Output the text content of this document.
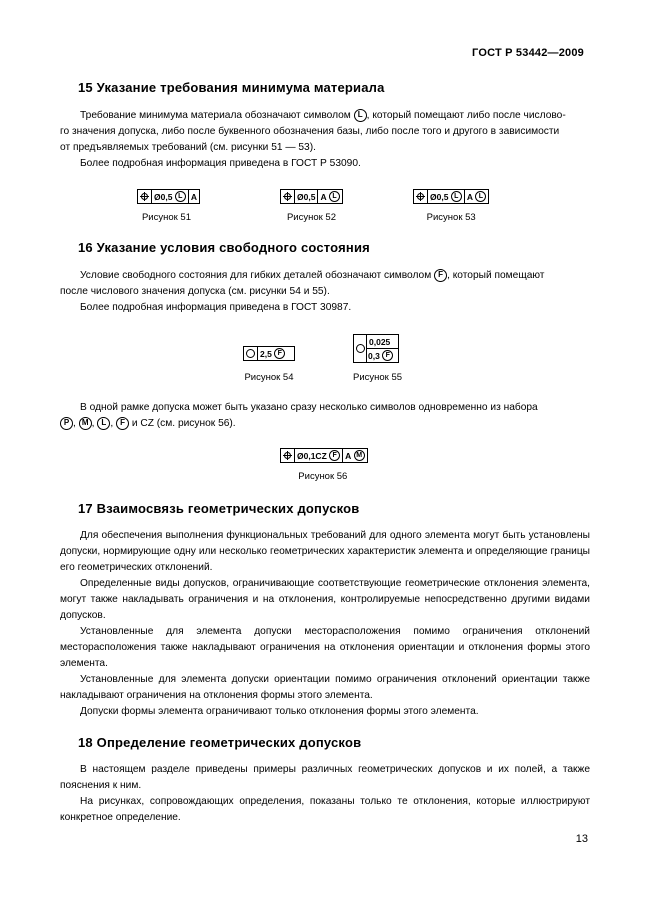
ГОСТ Р 53442—2009
15 Указание требования минимума материала
Требование минимума материала обозначают символом L , который помещают либо после числово-
го значения допуска, либо после буквенного обозначения базы, либо после того и другого в зависимости
от предъявляемых требований (см. рисунки 51 — 53).
Более подробная информация приведена в ГОСТ Р 53090.
Ø0,5
L A
Рисунок 51
Ø0,5 A
L
Рисунок 52
Ø0,5
L A
L
Рисунок 53
16 Указание условия свободного состояния
Условие свободного состояния для гибких деталей обозначают символом F , который помещают
после числового значения допуска (см. рисунки 54 и 55).
Более подробная информация приведена в ГОСТ 30987.
2,5
F
Рисунок 54
0,025
0,3
F
Рисунок 55
В одной рамке допуска может быть указано сразу несколько символов одновременно из набора
P , M , L , F и CZ (см. рисунок 56).
Ø0,1CZ
F A
M
Рисунок 56
17 Взаимосвязь геометрических допусков
Для обеспечения выполнения функциональных требований для одного элемента могут быть установлены допуски, нормирующие одну или несколько геометрических характеристик элемента и определяющие границы его геометрических отклонений.
Определенные виды допусков, ограничивающие соответствующие геометрические отклонения элемента, могут также накладывать ограничения и на отклонения, контролируемые непосредственно другими видами допусков.
Установленные для элемента допуски месторасположения помимо ограничения отклонений месторасположения также накладывают ограничения на отклонения ориентации и отклонения формы этого элемента.
Установленные для элемента допуски ориентации помимо ограничения отклонений ориентации также накладывают ограничения на отклонения формы этого элемента.
Допуски формы элемента ограничивают только отклонения формы этого элемента.
18 Определение геометрических допусков
В настоящем разделе приведены примеры различных геометрических допусков и их полей, а также пояснения к ним.
На рисунках, сопровождающих определения, показаны только те отклонения, которые иллюстрируют конкретное определение.
13
